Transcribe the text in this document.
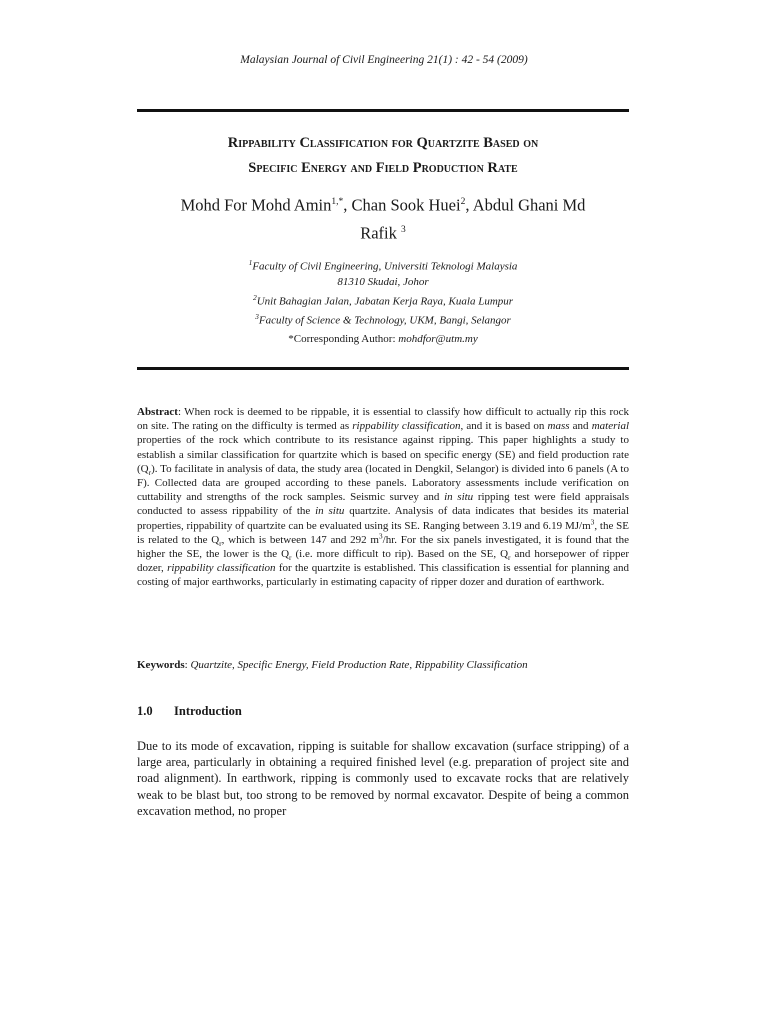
Malaysian Journal of Civil Engineering 21(1) : 42 - 54 (2009)
Rippability Classification for Quartzite Based on
Specific Energy and Field Production Rate
Mohd For Mohd Amin$^{1,*}$, Chan Sook Huei$^2$, Abdul Ghani Md
Rafik $^3$
$^1$Faculty of Civil Engineering, Universiti Teknologi Malaysia
81310 Skudai, Johor
$^2$Unit Bahagian Jalan, Jabatan Kerja Raya, Kuala Lumpur
$^3$Faculty of Science & Technology, UKM, Bangi, Selangor
*Corresponding Author: mohdfor@utm.my
Abstract: When rock is deemed to be rippable, it is essential to classify how difficult to actually rip this rock on site. The rating on the difficulty is termed as rippability classification, and it is based on mass and material properties of the rock which contribute to its resistance against ripping. This paper highlights a study to establish a similar classification for quartzite which is based on specific energy (SE) and field production rate $(Q_r)$. To facilitate in analysis of data, the study area (located in Dengkil, Selangor) is divided into 6 panels (A to F). Collected data are grouped according to these panels. Laboratory assessments include verification on cuttability and strengths of the rock samples. Seismic survey and in situ ripping test were field appraisals conducted to assess rippability of the in situ quartzite. Analysis of data indicates that besides its material properties, rippability of quartzite can be evaluated using its SE. Ranging between 3.19 and 6.19 $MJ/m^3$, the SE is related to the $Q_r$, which is between 147 and 292 $m^3/hr$. For the six panels investigated, it is found that the higher the SE, the lower is the $Q_r$ (i.e. more difficult to rip). Based on the SE, $Q_r$ and horsepower of ripper dozer, rippability classification for the quartzite is established. This classification is essential for planning and costing of major earthworks, particularly in estimating capacity of ripper dozer and duration of earthwork.
Keywords: Quartzite, Specific Energy, Field Production Rate, Rippability Classification
1.0 Introduction
Due to its mode of excavation, ripping is suitable for shallow excavation (surface stripping) of a large area, particularly in obtaining a required finished level (e.g. preparation of project site and road alignment). In earthwork, ripping is commonly used to excavate rocks that are relatively weak to be blast but, too strong to be removed by normal excavator. Despite of being a common excavation method, no proper
